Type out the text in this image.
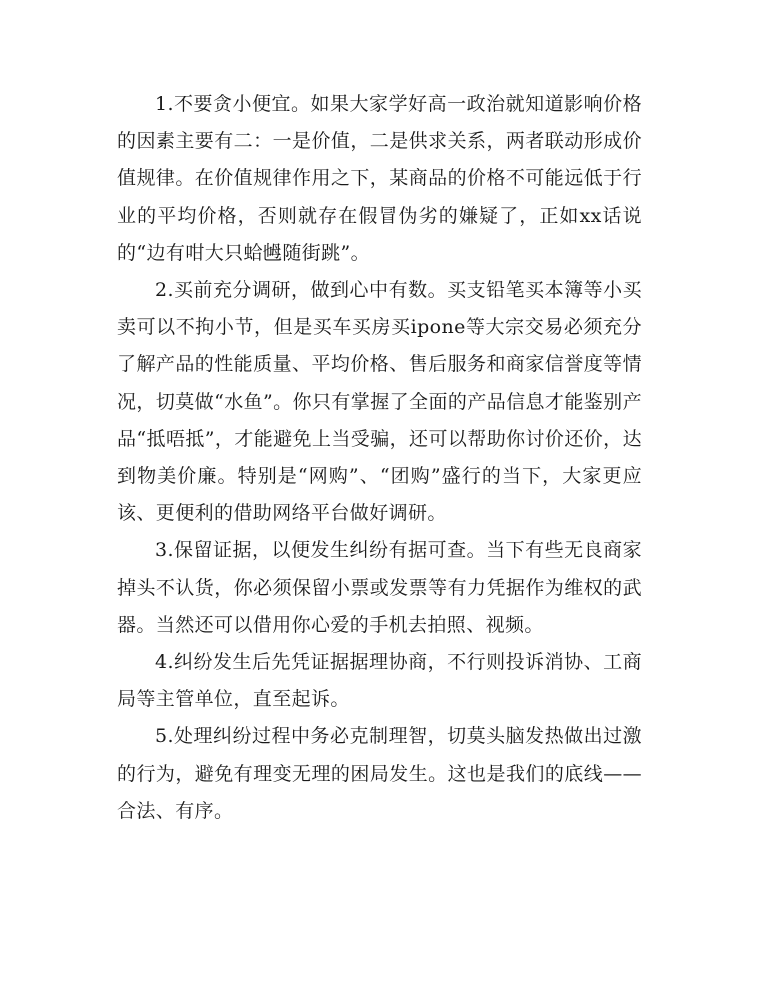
1.不要贪小便宜。如果大家学好高一政治就知道影响价格的因素主要有二：一是价值，二是供求关系，两者联动形成价值规律。在价值规律作用之下，某商品的价格不可能远低于行业的平均价格，否则就存在假冒伪劣的嫌疑了，正如xx话说的“边有咁大只蛤乸随街跳”。

2.买前充分调研，做到心中有数。买支铅笔买本簿等小买卖可以不拘小节，但是买车买房买ipone等大宗交易必须充分了解产品的性能质量、平均价格、售后服务和商家信誉度等情况，切莫做“水鱼”。你只有掌握了全面的产品信息才能鉴别产品“抵唔抵”，才能避免上当受骗，还可以帮助你讨价还价，达到物美价廉。特别是“网购”、“团购”盛行的当下，大家更应该、更便利的借助网络平台做好调研。

3.保留证据，以便发生纠纷有据可查。当下有些无良商家掉头不认货，你必须保留小票或发票等有力凭据作为维权的武器。当然还可以借用你心爱的手机去拍照、视频。

4.纠纷发生后先凭证据据理协商，不行则投诉消协、工商局等主管单位，直至起诉。

5.处理纠纷过程中务必克制理智，切莫头脑发热做出过激的行为，避免有理变无理的困局发生。这也是我们的底线——合法、有序。
